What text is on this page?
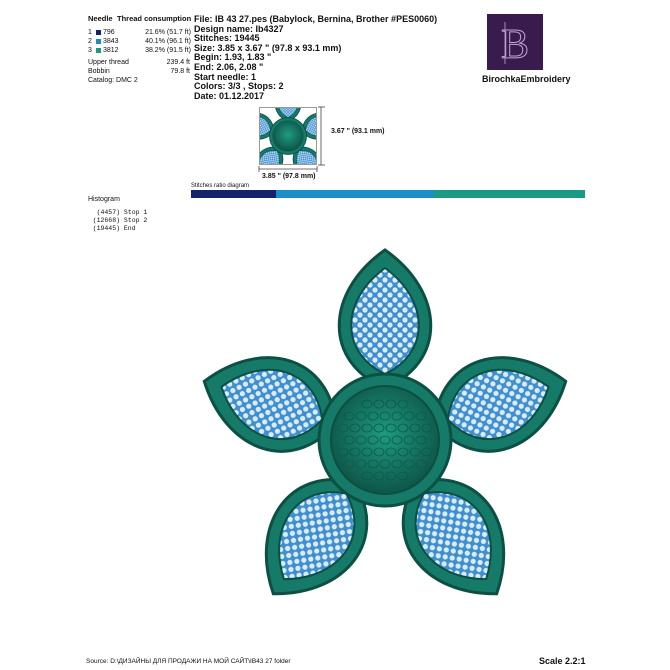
Needle Thread consumption
1 796	21.6% (51.7 ft)
2 3843	40.1% (96.1 ft)
3 3812	38.2% (91.5 ft)
Upper thread	239.4 ft
Bobbin	79.8 ft
Catalog: DMC 2
File: IB 43 27.pes (Babylock, Bernina, Brother #PES0060)
Design name: Ib4327
Stitches: 19445
Size: 3.85 x 3.67 " (97.8 x 93.1 mm)
Begin: 1.93, 1.83 "
End: 2.06, 2.08 "
Start needle: 1
Colors: 3/3 , Stops: 2
Date: 01.12.2017
B
BirochkaEmbroidery
3.67 " (93.1 mm)
3.85 " (97.8 mm)
Stitches ratio diagram
Histogram
(4457) Stop 1
(12668) Stop 2
(19445) End
Source: D:\ДИЗАЙНЫ ДЛЯ ПРОДАЖИ НА МОЙ САЙТ\IB43 27 folder	Scale 2.2:1
